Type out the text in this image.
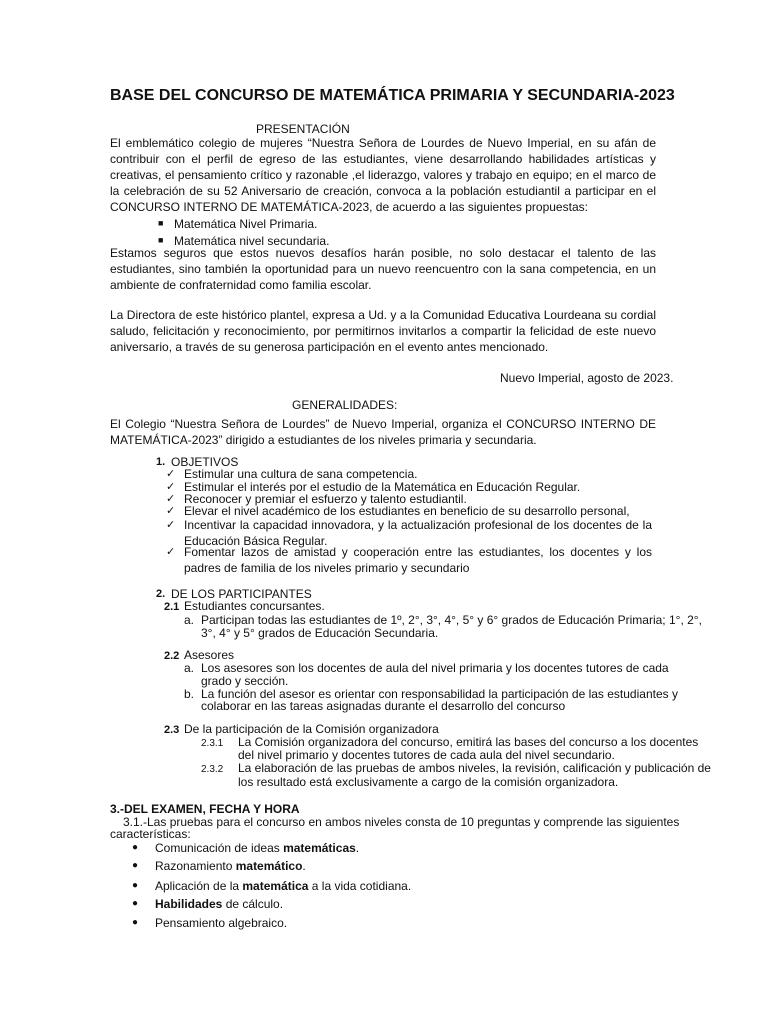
BASE DEL CONCURSO DE MATEMÁTICA PRIMARIA Y SECUNDARIA-2023
PRESENTACIÓN
El emblemático colegio de mujeres “Nuestra Señora de Lourdes de Nuevo Imperial, en su afán de contribuir con el perfil de egreso de las estudiantes, viene desarrollando habilidades artísticas y creativas, el pensamiento crítico y razonable ,el liderazgo, valores y trabajo en equipo; en el marco de la celebración de su 52 Aniversario de creación, convoca a la población estudiantil a participar en el CONCURSO INTERNO DE MATEMÁTICA-2023, de acuerdo a las siguientes propuestas:
■ Matemática Nivel Primaria.
■ Matemática nivel secundaria.
Estamos seguros que estos nuevos desafíos harán posible, no solo destacar el talento de las estudiantes, sino también la oportunidad para un nuevo reencuentro con la sana competencia, en un ambiente de confraternidad como familia escolar.
La Directora de este histórico plantel, expresa a Ud. y a la Comunidad Educativa Lourdeana su cordial saludo, felicitación y reconocimiento, por permitirnos invitarlos a compartir la felicidad de este nuevo aniversario, a través de su generosa participación en el evento antes mencionado.
Nuevo Imperial, agosto de 2023.
GENERALIDADES:
El Colegio “Nuestra Señora de Lourdes” de Nuevo Imperial, organiza el CONCURSO INTERNO DE MATEMÁTICA-2023” dirigido a estudiantes de los niveles primaria y secundaria.
1. OBJETIVOS
✓ Estimular una cultura de sana competencia.
✓ Estimular el interés por el estudio de la Matemática en Educación Regular.
✓ Reconocer y premiar el esfuerzo y talento estudiantil.
✓ Elevar el nivel académico de los estudiantes en beneficio de su desarrollo personal,
✓ Incentivar la capacidad innovadora, y la actualización profesional de los docentes de la Educación Básica Regular.
✓ Fomentar lazos de amistad y cooperación entre las estudiantes, los docentes y los padres de familia de los niveles primario y secundario
2. DE LOS PARTICIPANTES
2.1 Estudiantes concursantes.
a. Participan todas las estudiantes de 1º, 2°, 3°, 4°, 5° y 6° grados de Educación Primaria; 1°, 2°,
3°, 4° y 5° grados de Educación Secundaria.
2.2 Asesores
a. Los asesores son los docentes de aula del nivel primaria y los docentes tutores de cada
grado y sección.
b. La función del asesor es orientar con responsabilidad la participación de las estudiantes y
colaborar en las tareas asignadas durante el desarrollo del concurso
2.3 De la participación de la Comisión organizadora
2.3.1 La Comisión organizadora del concurso, emitirá las bases del concurso a los docentes
del nivel primario y docentes tutores de cada aula del nivel secundario.
2.3.2 La elaboración de las pruebas de ambos niveles, la revisión, calificación y publicación de
los resultado está exclusivamente a cargo de la comisión organizadora.
3.-DEL EXAMEN, FECHA Y HORA
3.1.-Las pruebas para el concurso en ambos niveles consta de 10 preguntas y comprende las siguientes
características:
● Comunicación de ideas matemáticas.
● Razonamiento matemático.
● Aplicación de la matemática a la vida cotidiana.
● Habilidades de cálculo.
● Pensamiento algebraico.
